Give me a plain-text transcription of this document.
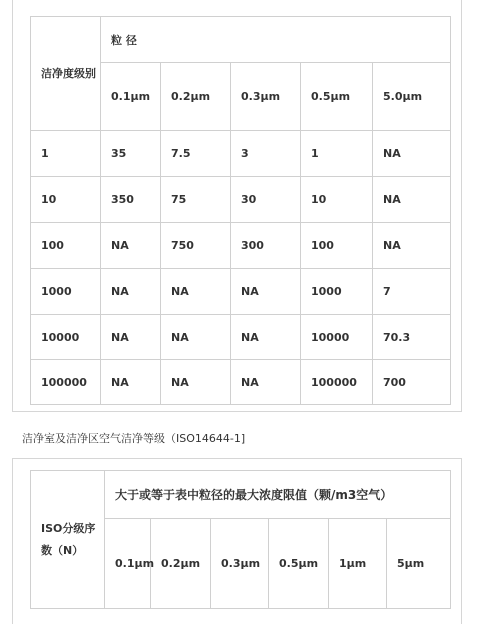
洁净度级别	粒 径				
	0.1μm	0.2μm	0.3μm	0.5μm	5.0μm
1	35	7.5	3	1	NA
10	350	75	30	10	NA
100	NA	750	300	100	NA
1000	NA	NA	NA	1000	7
10000	NA	NA	NA	10000	70.3
100000	NA	NA	NA	100000	700
洁净室及洁净区空气洁净等级（ISO14644-1]
ISO分级序数（N）	大于或等于表中粒径的最大浓度限值（颗/m3空气）					
	0.1μm	0.2μm	0.3μm	0.5μm	1μm	5μm
